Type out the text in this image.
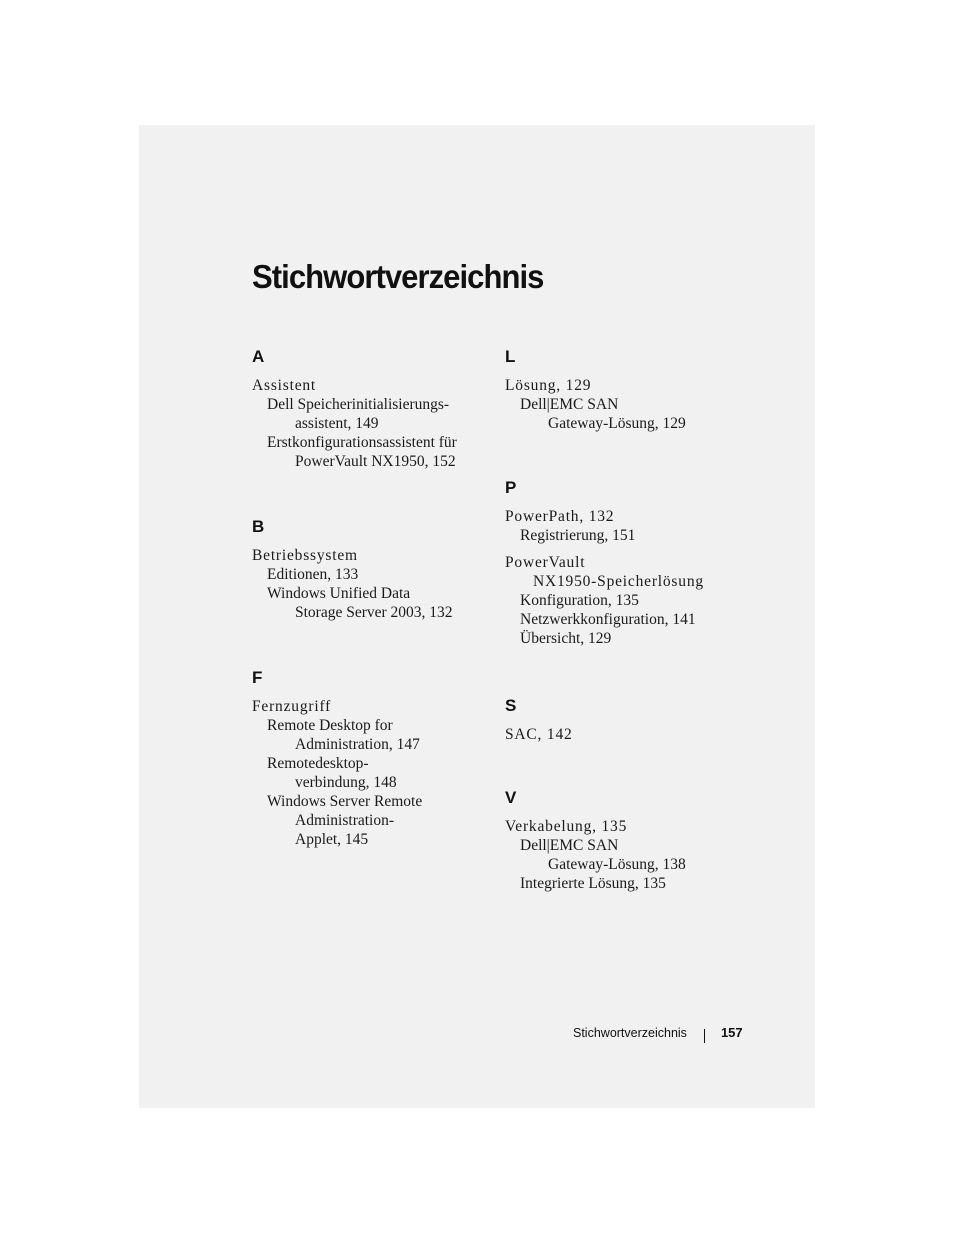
Stichwortverzeichnis
A

Assistent

Dell Speicherinitialisierungs-

assistent, 149

Erstkonfigurationsassistent für

PowerVault NX1950, 152

B

Betriebssystem

Editionen, 133

Windows Unified Data

Storage Server 2003, 132

F

Fernzugriff

Remote Desktop for

Administration, 147

Remotedesktop-

verbindung, 148

Windows Server Remote

Administration-

Applet, 145

L

Lösung, 129

Dell|EMC SAN

Gateway-Lösung, 129

P

PowerPath, 132

Registrierung, 151

PowerVault

NX1950-Speicherlösung

Konfiguration, 135

Netzwerkkonfiguration, 141

Übersicht, 129

S

SAC, 142

V

Verkabelung, 135

Dell|EMC SAN

Gateway-Lösung, 138

Integrierte Lösung, 135

Stichwortverzeichnis	157
